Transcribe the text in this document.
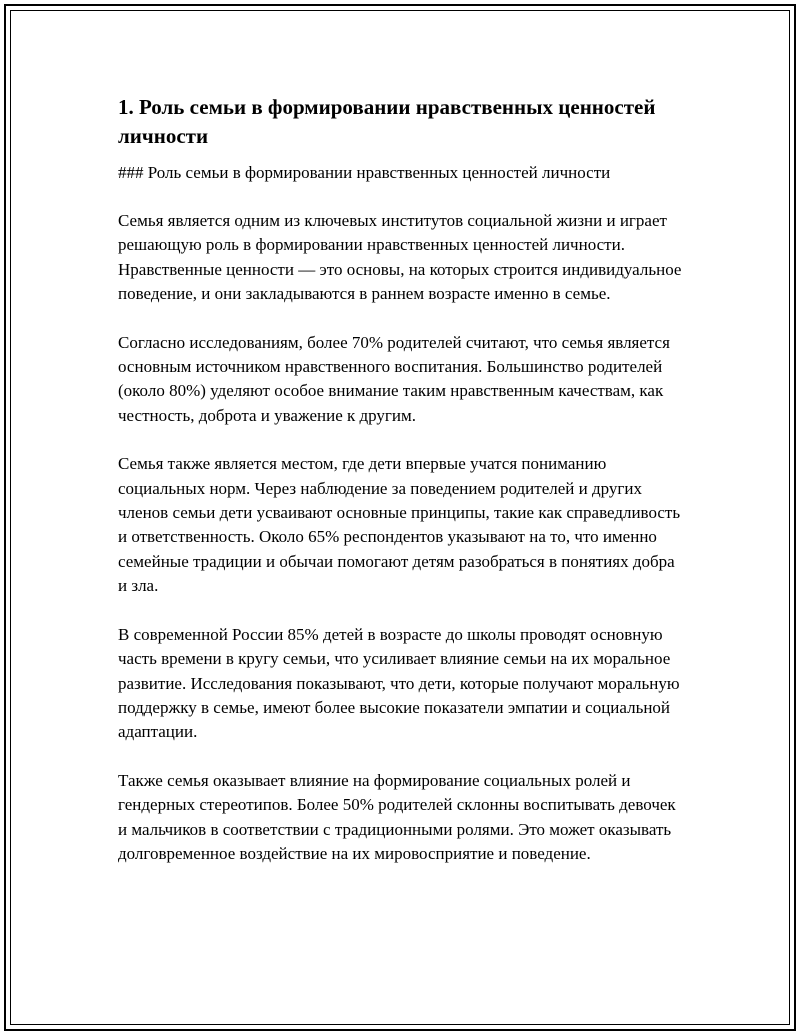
1. Роль семьи в формировании нравственных ценностей личности

### Роль семьи в формировании нравственных ценностей личности

Семья является одним из ключевых институтов социальной жизни и играет решающую роль в формировании нравственных ценностей личности. Нравственные ценности — это основы, на которых строится индивидуальное поведение, и они закладываются в раннем возрасте именно в семье.

Согласно исследованиям, более 70% родителей считают, что семья является основным источником нравственного воспитания. Большинство родителей (около 80%) уделяют особое внимание таким нравственным качествам, как честность, доброта и уважение к другим.

Семья также является местом, где дети впервые учатся пониманию социальных норм. Через наблюдение за поведением родителей и других членов семьи дети усваивают основные принципы, такие как справедливость и ответственность. Около 65% респондентов указывают на то, что именно семейные традиции и обычаи помогают детям разобраться в понятиях добра и зла.

В современной России 85% детей в возрасте до школы проводят основную часть времени в кругу семьи, что усиливает влияние семьи на их моральное развитие. Исследования показывают, что дети, которые получают моральную поддержку в семье, имеют более высокие показатели эмпатии и социальной адаптации.

Также семья оказывает влияние на формирование социальных ролей и гендерных стереотипов. Более 50% родителей склонны воспитывать девочек и мальчиков в соответствии с традиционными ролями. Это может оказывать долговременное воздействие на их мировосприятие и поведение.
